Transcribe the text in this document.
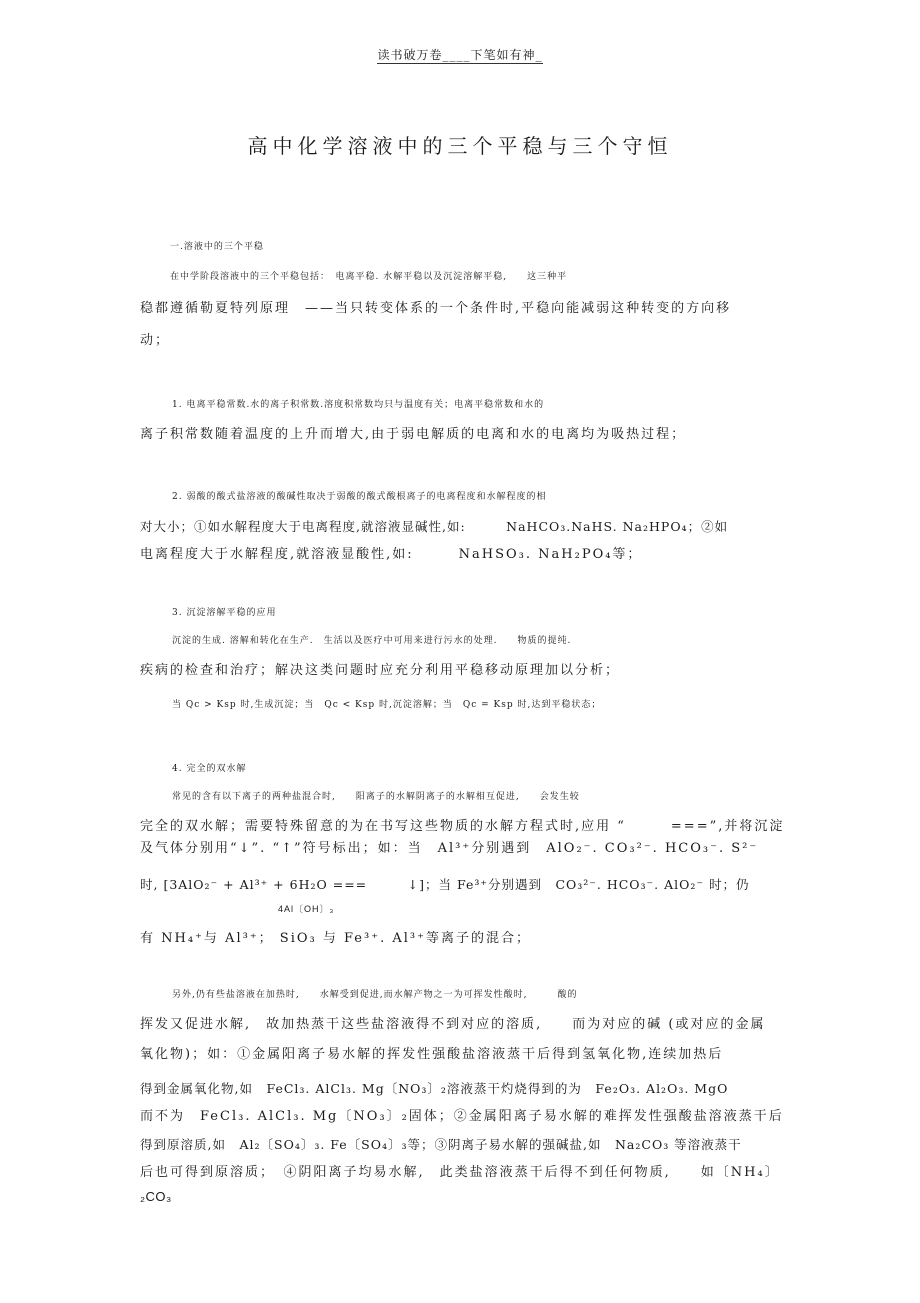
读书破万卷____下笔如有神_
高中化学溶液中的三个平稳与三个守恒
一.溶液中的三个平稳
在中学阶段溶液中的三个平稳包括：　电离平稳. 水解平稳以及沉淀溶解平稳,　　这三种平
稳都遵循勒夏特列原理　——当只转变体系的一个条件时,平稳向能减弱这种转变的方向移
动；
1. 电离平稳常数.水的离子积常数.溶度积常数均只与温度有关；电离平稳常数和水的
离子积常数随着温度的上升而增大,由于弱电解质的电离和水的电离均为吸热过程；
2. 弱酸的酸式盐溶液的酸碱性取决于弱酸的酸式酸根离子的电离程度和水解程度的相
对大小；①如水解程度大于电离程度,就溶液显碱性,如:　　　NaHCO₃.NaHS. Na₂HPO₄；②如
电离程度大于水解程度,就溶液显酸性,如:　　　NaHSO₃. NaH₂PO₄等；
3. 沉淀溶解平稳的应用
沉淀的生成. 溶解和转化在生产.　生活以及医疗中可用来进行污水的处理.　　物质的提纯.
疾病的检查和治疗；解决这类问题时应充分利用平稳移动原理加以分析；
当 Qc > Ksp 时,生成沉淀；当　Qc < Ksp 时,沉淀溶解；当　Qc = Ksp 时,达到平稳状态；
4. 完全的双水解
常见的含有以下离子的两种盐混合时,　　阳离子的水解阴离子的水解相互促进,　　会发生较
完全的双水解；需要特殊留意的为在书写这些物质的水解方程式时,应用 “　　　===”,并将沉淀
及气体分别用“↓”. “↑”符号标出；如：当　Al³⁺分别遇到　AlO₂⁻. CO₃²⁻. HCO₃⁻. S²⁻
时, [3AlO₂⁻ + Al³⁺ + 6H₂O ===　　　↓]；当 Fe³⁺分别遇到　CO₃²⁻. HCO₃⁻. AlO₂⁻ 时；仍
4Al〔OH〕₃
有 NH₄⁺与 Al³⁺； SiO₃ 与 Fe³⁺. Al³⁺等离子的混合；
另外,仍有些盐溶液在加热时,　　水解受到促进,而水解产物之一为可挥发性酸时,　　　酸的
挥发又促进水解,　故加热蒸干这些盐溶液得不到对应的溶质,　　而为对应的碱 (或对应的金属
氧化物)；如：①金属阳离子易水解的挥发性强酸盐溶液蒸干后得到氢氧化物,连续加热后
得到金属氧化物,如　FeCl₃. AlCl₃. Mg〔NO₃〕₂溶液蒸干灼烧得到的为　Fe₂O₃. Al₂O₃. MgO
而不为　FeCl₃. AlCl₃. Mg〔NO₃〕₂固体；②金属阳离子易水解的难挥发性强酸盐溶液蒸干后
得到原溶质,如　Al₂〔SO₄〕₃. Fe〔SO₄〕₃等；③阴离子易水解的强碱盐,如　Na₂CO₃ 等溶液蒸干
后也可得到原溶质；　④阴阳离子均易水解,　此类盐溶液蒸干后得不到任何物质,　　如〔NH₄〕
₂CO₃
